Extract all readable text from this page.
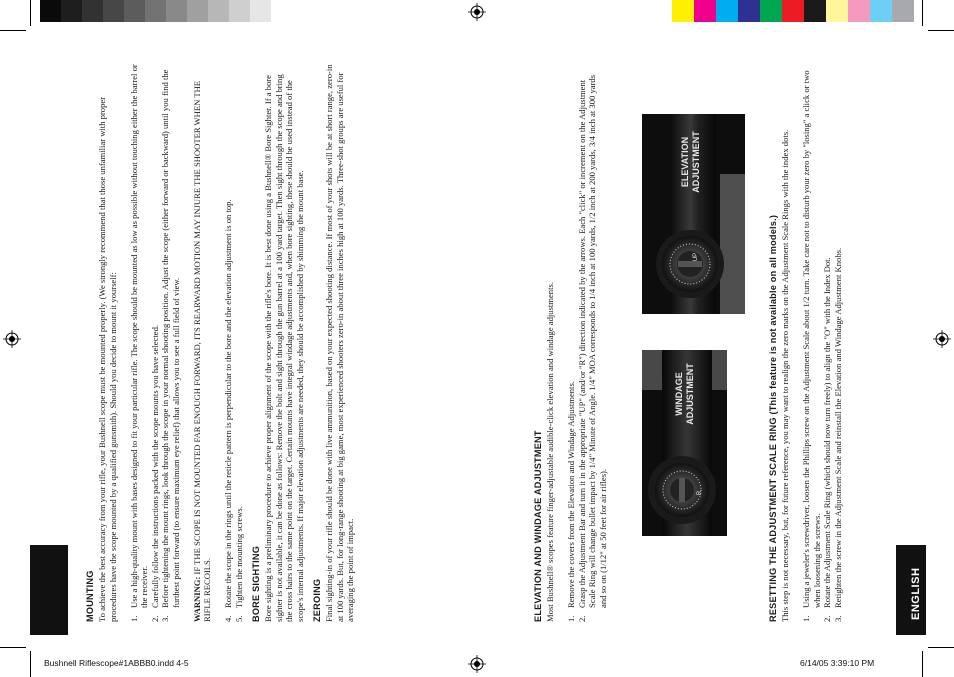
ENGLISH
MOUNTING To achieve the best accuracy from your rifle, your Bushnell scope must be mounted properly. (We strongly recommend that those unfamiliar with proper procedures have the scope mounted by a qualified gunsmith). Should you decide to mount it yourself: 1.
Use a high-quality mount with bases designed to fit your particular rifle. The scope should be mounted as low as possible without touching either the barrel or the receiver.
2.
Carefully follow the instructions packed with the scope mounts you have selected.
3.
Before tightening the mount rings, look through the scope in your normal shooting position. Adjust the scope (either forward or backward) until you find the furthest point forward (to ensure maximum eye relief) that allows you to see a full field of view. WARNING: IF THE SCOPE IS NOT MOUNTED FAR ENOUGH FORWARD, ITS REARWARD MOTION MAY INJURE THE SHOOTER WHEN THE RIFLE RECOILS. 4.
Rotate the scope in the rings until the reticle pattern is perpendicular to the bore and the elevation adjustment is on top.
5.
Tighten the mounting screws. BORE SIGHTING Bore sighting is a preliminary procedure to achieve proper alignment of the scope with the rifle's bore. It is best done using a Bushnell® Bore Sighter. If a bore sighter is not available, it can be done as follows: Remove the bolt and sight through the gun barrel at a 100 yard target. Then sight through the scope and bring the cross hairs to the same point on the target. Certain mounts have integral windage adjustments and, when bore sighting, these should be used instead of the scope's internal adjustments. If major elevation adjustments are needed, they should be accomplished by shimming the mount base. ZEROING Final sighting-in of your rifle should be done with live ammunition, based on your expected shooting distance. If most of your shots will be at short range, zero-in at 100 yards. But, for long-range shooting at big game, most experienced shooters zero-in about three inches high at 100 yards. Three-shot groups are useful for averaging the point of impact.	ELEVATION AND WINDAGE ADJUSTMENT Most Bushnell® scopes feature finger-adjustable audible-click elevation and windage adjustments. 1.
Remove the covers from the Elevation and Windage Adjustments.
2.
Grasp the Adjustment Bar and turn it in the appropriate "UP" (and/or "R") direction indicated by the arrows. Each "click" or increment on the Adjustment Scale Ring will change bullet impact by 1/4" Minute of Angle. 1/4" MOA corresponds to 1/4 inch at 100 yards, 1/2 inch at 200 yards, 3/4 inch at 300 yards and so on (1/12" at 50 feet for air rifles).	RESETTING THE ADJUSTMENT SCALE RING (This feature is not available on all models.) This step is not necessary, but, for future reference, you may want to realign the zero marks on the Adjustment Scale Rings with the index dots. 1.
Using a jeweler's screwdriver, loosen the Phillips screw on the Adjustment Scale about 1/2 turn. Take care not to disturb your zero by "losing" a click or two when loosening the screws.
2.
Rotate the Adjustment Scale Ring (which should now turn freely) to align the "O" with the Index Dot.
3.
Retighten the screw in the Adjustment Scale and reinstall the Elevation and Windage Adjustment Knobs.
ELEVATION ADJUSTMENT
UP
WINDAGE ADJUSTMENT
R
Bushnell Riflescope#1ABBB0.indd 4-5	6/14/05 3:39:10 PM
